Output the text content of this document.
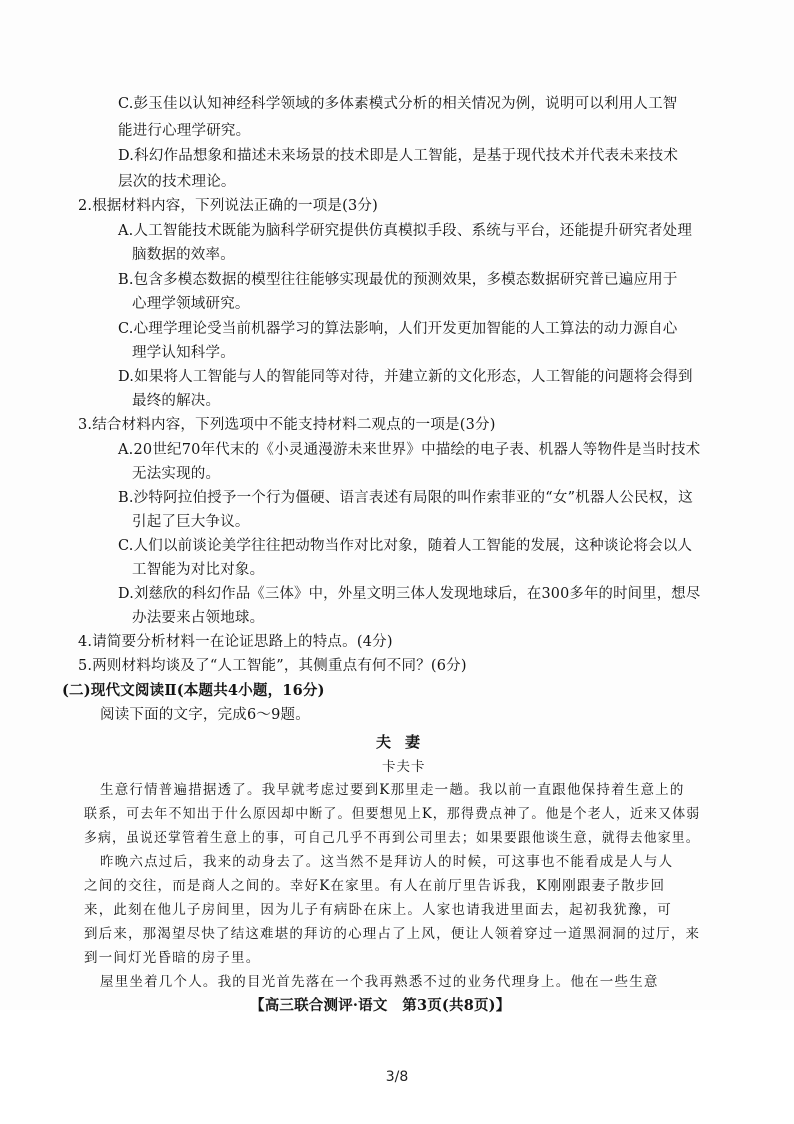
C.彭玉佳以认知神经科学领域的多体素模式分析的相关情况为例，说明可以利用人工智
能进行心理学研究。
D.科幻作品想象和描述未来场景的技术即是人工智能，是基于现代技术并代表未来技术
层次的技术理论。
2.根据材料内容，下列说法正确的一项是(3分)
A.人工智能技术既能为脑科学研究提供仿真模拟手段、系统与平台，还能提升研究者处理
脑数据的效率。
B.包含多模态数据的模型往往能够实现最优的预测效果，多模态数据研究普已遍应用于
心理学领域研究。
C.心理学理论受当前机器学习的算法影响，人们开发更加智能的人工算法的动力源自心
理学认知科学。
D.如果将人工智能与人的智能同等对待，并建立新的文化形态，人工智能的问题将会得到
最终的解决。
3.结合材料内容，下列选项中不能支持材料二观点的一项是(3分)
A.20世纪70年代末的《小灵通漫游未来世界》中描绘的电子表、机器人等物件是当时技术
无法实现的。
B.沙特阿拉伯授予一个行为僵硬、语言表述有局限的叫作索菲亚的“女”机器人公民权，这
引起了巨大争议。
C.人们以前谈论美学往往把动物当作对比对象，随着人工智能的发展，这种谈论将会以人
工智能为对比对象。
D.刘慈欣的科幻作品《三体》中，外星文明三体人发现地球后，在300多年的时间里，想尽
办法要来占领地球。
4.请简要分析材料一在论证思路上的特点。(4分)
5.两则材料均谈及了“人工智能”，其侧重点有何不同？(6分)
(二)现代文阅读Ⅱ(本题共4小题，16分)
阅读下面的文字，完成6～9题。
夫妻
卡夫卡
生意行情普遍措据透了。我早就考虑过要到K那里走一趟。我以前一直跟他保持着生意上的
联系，可去年不知出于什么原因却中断了。但要想见上K，那得费点神了。他是个老人，近来又体弱
多病，虽说还掌管着生意上的事，可自己几乎不再到公司里去；如果要跟他谈生意，就得去他家里。
昨晚六点过后，我来的动身去了。这当然不是拜访人的时候，可这事也不能看成是人与人
之间的交往，而是商人之间的。幸好K在家里。有人在前厅里告诉我，K刚刚跟妻子散步回
来，此刻在他儿子房间里，因为儿子有病卧在床上。人家也请我进里面去，起初我犹豫，可
到后来，那渴望尽快了结这难堪的拜访的心理占了上风，便让人领着穿过一道黑洞洞的过厅，来
到一间灯光昏暗的房子里。
屋里坐着几个人。我的目光首先落在一个我再熟悉不过的业务代理身上。他在一些生意
【高三联合测评·语文　第3页(共8页)】
3/8
